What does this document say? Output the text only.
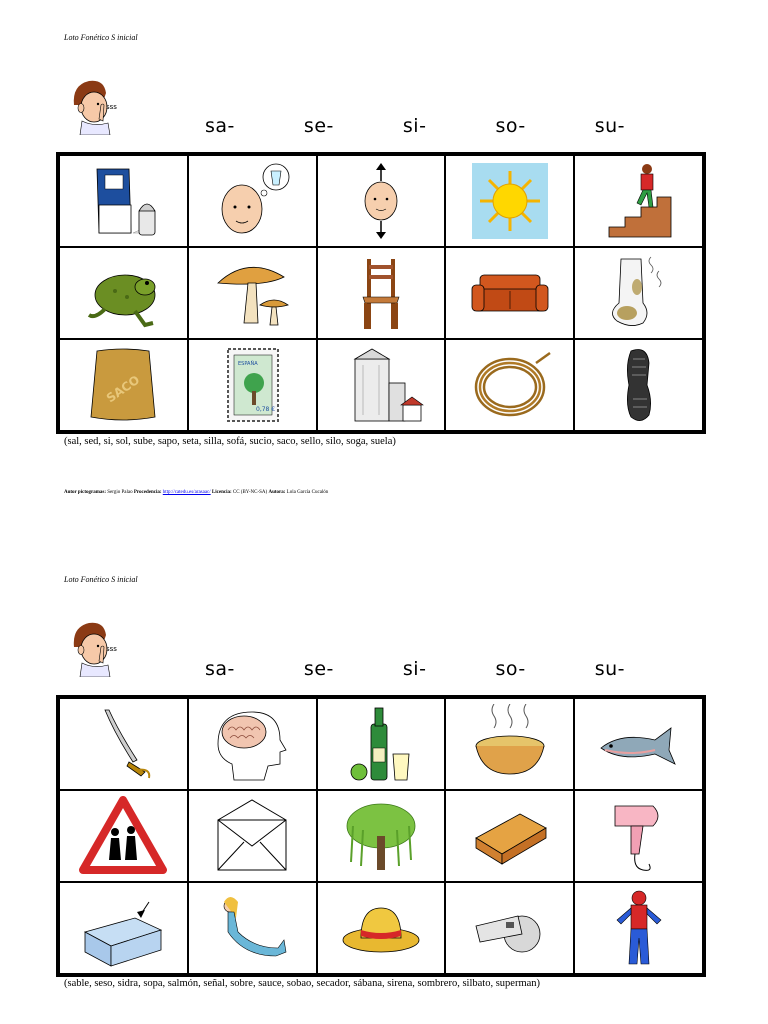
Loto Fonético S inicial
sss
sa-	se-	si-	so-	su-
SACO
ESPAÑA
0,78 €
(sal, sed, si, sol, sube, sapo, seta, silla, sofá, sucio, saco, sello, silo, soga, suela)
Autor pictogramas: Sergio Palao Procedencia: http://catedu.es/arasaac/ Licencia: CC (BY-NC-SA) Autora: Lola García Cucalón
Loto Fonético S inicial
sss
sa-	se-	si-	so-	su-
(sable, seso, sidra, sopa, salmón, señal, sobre, sauce, sobao, secador, sábana, sirena, sombrero, silbato, superman)
